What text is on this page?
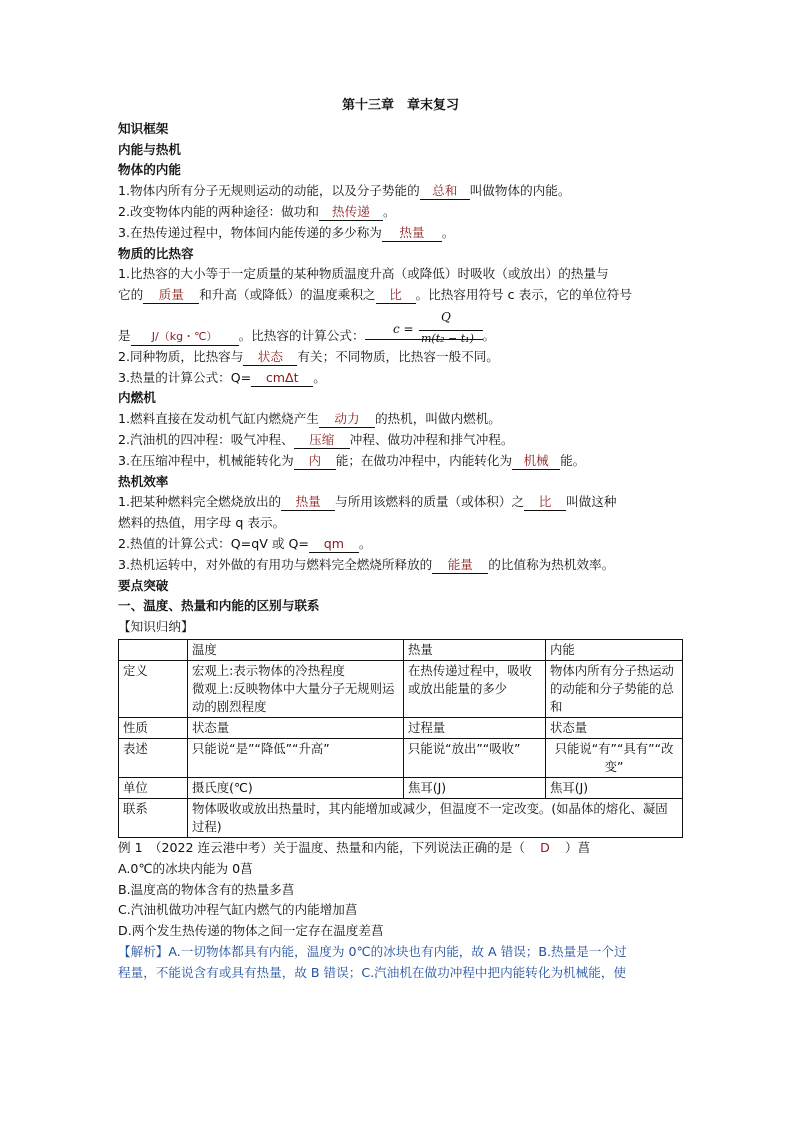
第十三章　章末复习
知识框架
内能与热机
物体的内能
1.物体内所有分子无规则运动的动能，以及分子势能的 总和 叫做物体的内能。
2.改变物体内能的两种途径：做功和 热传递 。
3.在热传递过程中，物体间内能传递的多少称为 热量 。
物质的比热容
1.比热容的大小等于一定质量的某种物质温度升高（或降低）时吸收（或放出）的热量与
它的 质量 和升高（或降低）的温度乘积之 比 。比热容用符号 c 表示，它的单位符号
是 J/（kg・℃） 。比热容的计算公式：	。
2.同种物质，比热容与 状态 有关；不同物质，比热容一般不同。
3.热量的计算公式：Q= cmΔt 。
内燃机
1.燃料直接在发动机气缸内燃烧产生 动力 的热机，叫做内燃机。
2.汽油机的四冲程：吸气冲程、 压缩 冲程、做功冲程和排气冲程。
3.在压缩冲程中，机械能转化为 内 能；在做功冲程中，内能转化为 机械 能。
热机效率
1.把某种燃料完全燃烧放出的 热量 与所用该燃料的质量（或体积）之 比 叫做这种
燃料的热值，用字母 q 表示。
2.热值的计算公式：Q=qV 或 Q= qm 。
3.热机运转中，对外做的有用功与燃料完全燃烧所释放的 能量 的比值称为热机效率。
要点突破
一、温度、热量和内能的区别与联系
【知识归纳】
	温度	热量	内能
定义	宏观上:表示物体的冷热程度
微观上:反映物体中大量分子无规则运动的剧烈程度	在热传递过程中，吸收或放出能量的多少	物体内所有分子热运动的动能和分子势能的总和
性质	状态量	过程量	状态量
表述	只能说“是”“降低”“升高”	只能说“放出”“吸收”	只能说“有”“具有”“改变”
单位	摄氏度(℃)	焦耳(J)	焦耳(J)
联系	物体吸收或放出热量时，其内能增加或减少，但温度不一定改变。(如晶体的熔化、凝固过程)		
例 1　（2022 连云港中考）关于温度、热量和内能，下列说法正确的是（ D ）菖
A.0℃的冰块内能为 0菖
B.温度高的物体含有的热量多菖
C.汽油机做功冲程气缸内燃气的内能增加菖
D.两个发生热传递的物体之间一定存在温度差菖
【解析】A.一切物体都具有内能，温度为 0℃的冰块也有内能，故 A 错误；B.热量是一个过
程量，不能说含有或具有热量，故 B 错误；C.汽油机在做功冲程中把内能转化为机械能，使
c =
Q
m(t₂ − t₁)
